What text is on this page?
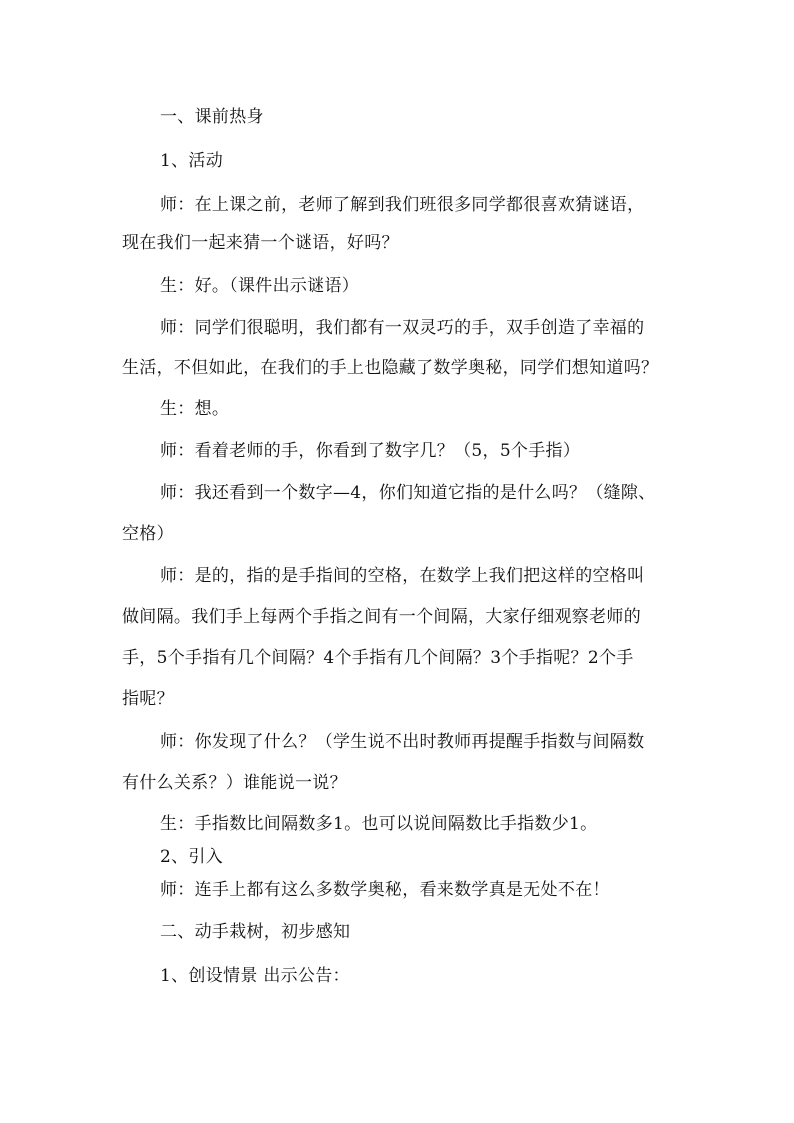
一、课前热身
1、活动
师：在上课之前，老师了解到我们班很多同学都很喜欢猜谜语，
现在我们一起来猜一个谜语，好吗？
生：好。（课件出示谜语）
师：同学们很聪明，我们都有一双灵巧的手，双手创造了幸福的
生活，不但如此，在我们的手上也隐藏了数学奥秘，同学们想知道吗？
生：想。
师：看着老师的手，你看到了数字几？（5，5个手指）
师：我还看到一个数字—4，你们知道它指的是什么吗？（缝隙、
空格）
师：是的，指的是手指间的空格，在数学上我们把这样的空格叫
做间隔。我们手上每两个手指之间有一个间隔，大家仔细观察老师的
手，5个手指有几个间隔？4个手指有几个间隔？3个手指呢？2个手
指呢？
师：你发现了什么？（学生说不出时教师再提醒手指数与间隔数
有什么关系？）谁能说一说？
生：手指数比间隔数多1。也可以说间隔数比手指数少1。
2、引入
师：连手上都有这么多数学奥秘，看来数学真是无处不在！
二、动手栽树，初步感知
1、创设情景 出示公告：
